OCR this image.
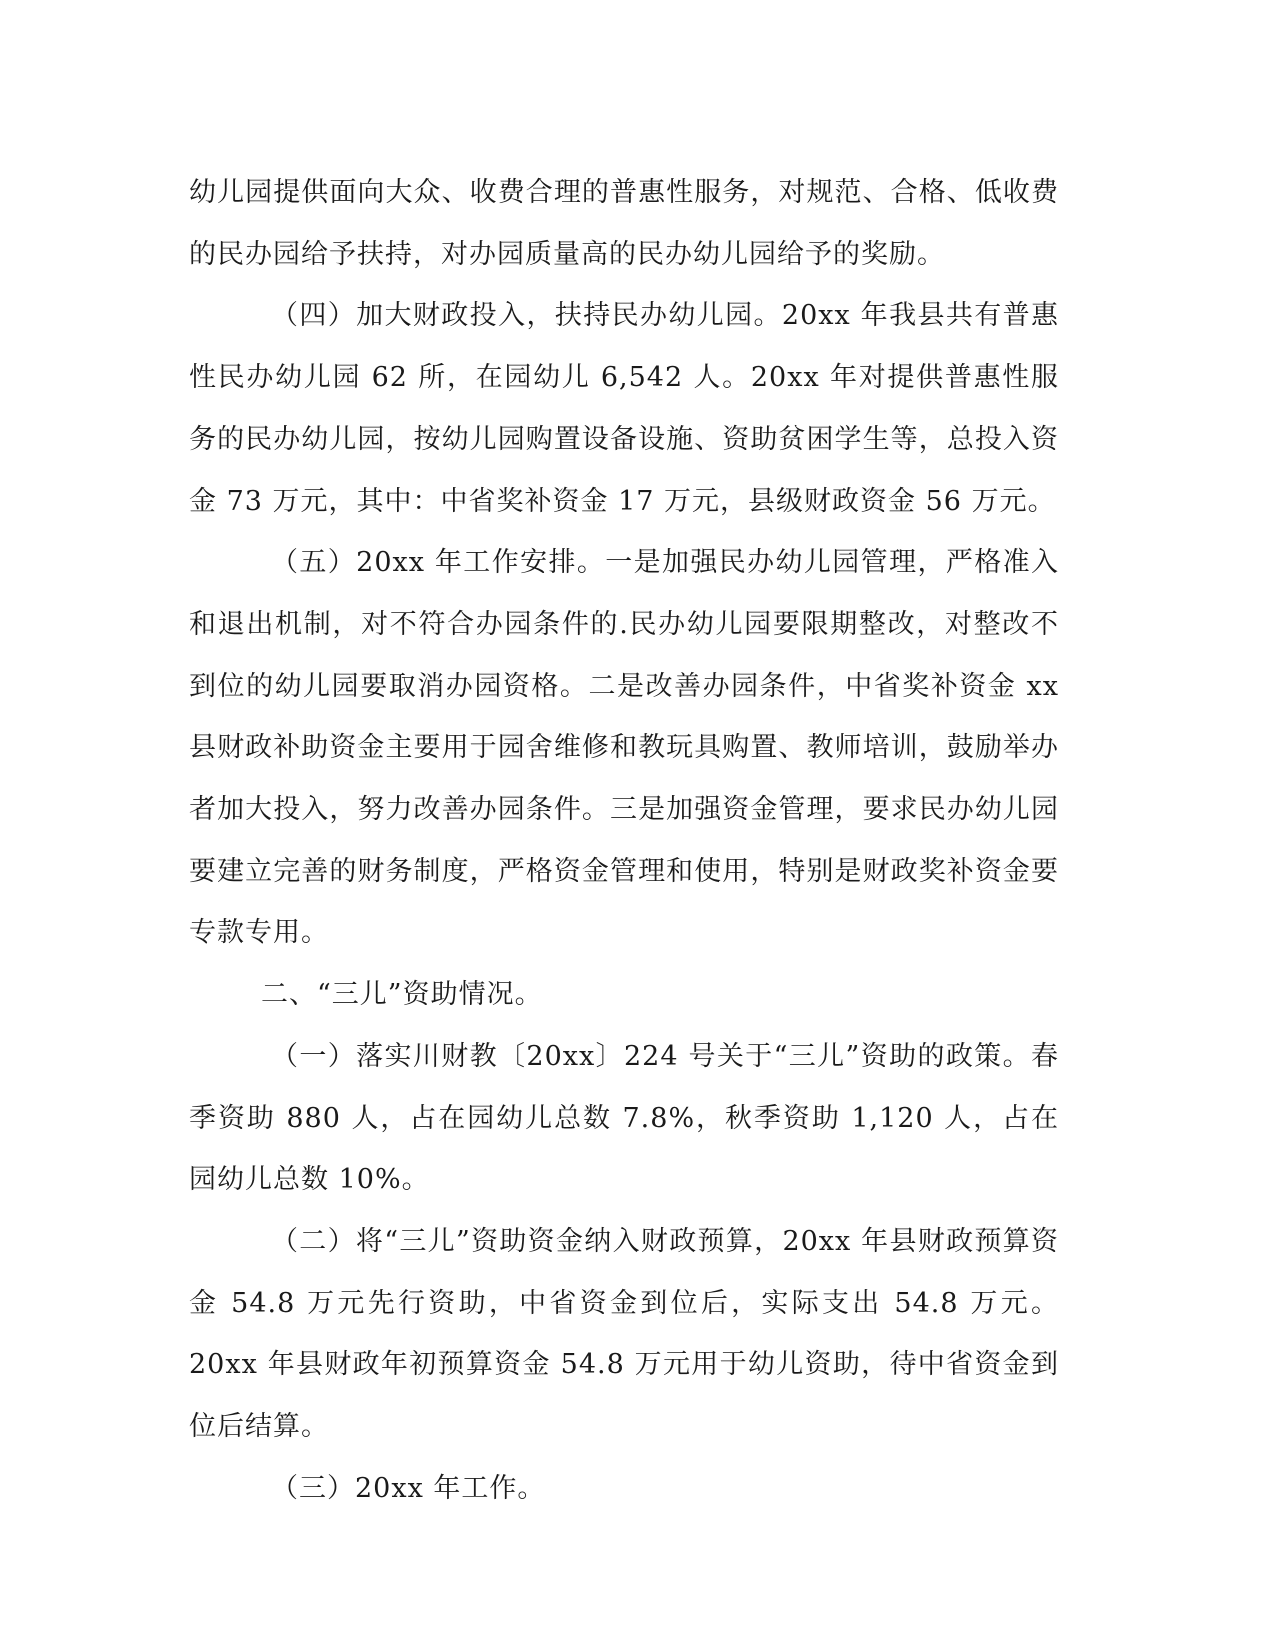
幼儿园提供面向大众、收费合理的普惠性服务，对规范、合格、低收费的民办园给予扶持，对办园质量高的民办幼儿园给予的奖励。

（四）加大财政投入，扶持民办幼儿园。20xx 年我县共有普惠性民办幼儿园 62 所，在园幼儿 6,542 人。20xx 年对提供普惠性服务的民办幼儿园，按幼儿园购置设备设施、资助贫困学生等，总投入资金 73 万元，其中：中省奖补资金 17 万元，县级财政资金 56 万元。

（五）20xx 年工作安排。一是加强民办幼儿园管理，严格准入和退出机制，对不符合办园条件的.民办幼儿园要限期整改，对整改不到位的幼儿园要取消办园资格。二是改善办园条件，中省奖补资金 xx 县财政补助资金主要用于园舍维修和教玩具购置、教师培训，鼓励举办者加大投入，努力改善办园条件。三是加强资金管理，要求民办幼儿园要建立完善的财务制度，严格资金管理和使用，特别是财政奖补资金要专款专用。

二、“三儿”资助情况。

（一）落实川财教〔20xx〕224 号关于“三儿”资助的政策。春季资助 880 人，占在园幼儿总数 7.8%，秋季资助 1,120 人，占在园幼儿总数 10%。

（二）将“三儿”资助资金纳入财政预算，20xx 年县财政预算资金 54.8 万元先行资助，中省资金到位后，实际支出 54.8 万元。20xx 年县财政年初预算资金 54.8 万元用于幼儿资助，待中省资金到位后结算。

（三）20xx 年工作。
